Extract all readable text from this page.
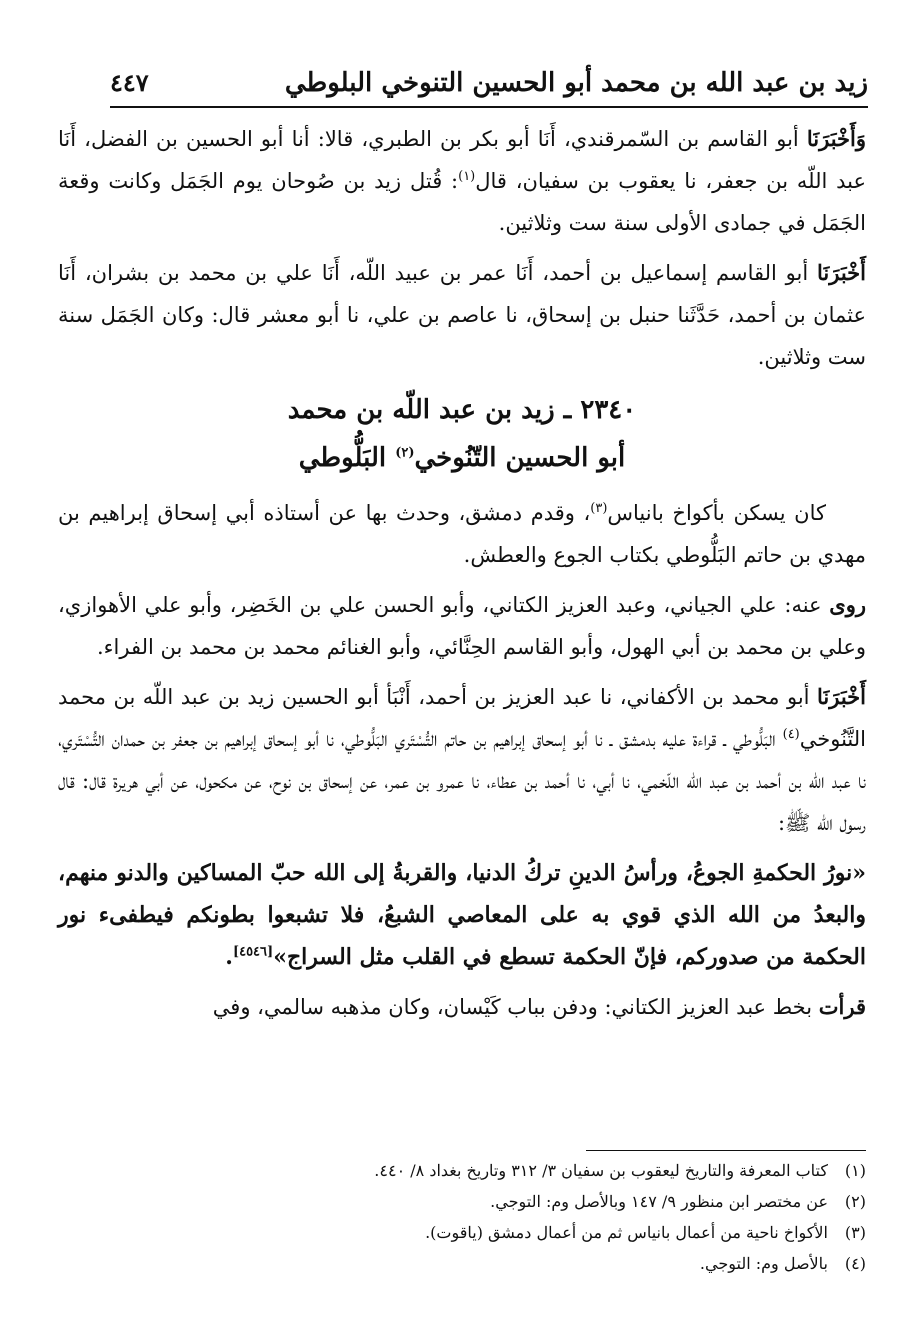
زيد بن عبد الله بن محمد أبو الحسين التنوخي البلوطي
٤٤٧

وَأَخْبَرَنَا أبو القاسم بن السّمرقندي، أَنَا أبو بكر بن الطبري، قالا: أنا أبو الحسين بن الفضل، أَنَا عبد اللّه بن جعفر، نا يعقوب بن سفيان، قال$^{(١)}$: قُتل زيد بن صُوحان يوم الجَمَل وكانت وقعة الجَمَل في جمادى الأولى سنة ست وثلاثين.

أَخْبَرَنَا أبو القاسم إسماعيل بن أحمد، أَنَا عمر بن عبيد اللّه، أَنَا علي بن محمد بن بشران، أَنَا عثمان بن أحمد، حَدَّثَنا حنبل بن إسحاق، نا عاصم بن علي، نا أبو معشر قال: وكان الجَمَل سنة ست وثلاثين.

٢٣٤٠ ـ زيد بن عبد اللّه بن محمد
أبو الحسين التّنُوخي$^{(٢)}$ البَلُّوطي

كان يسكن بأكواخ بانياس$^{(٣)}$، وقدم دمشق، وحدث بها عن أستاذه أبي إسحاق إبراهيم بن مهدي بن حاتم البَلُّوطي بكتاب الجوع والعطش.

روى عنه: علي الجياني، وعبد العزيز الكتاني، وأبو الحسن علي بن الخَضِر، وأبو علي الأهوازي، وعلي بن محمد بن أبي الهول، وأبو القاسم الحِنَّائي، وأبو الغنائم محمد بن محمد بن الفراء.

أَخْبَرَنَا أبو محمد بن الأكفاني، نا عبد العزيز بن أحمد، أَنْبَأ أبو الحسين زيد بن عبد اللّه بن محمد التَّنُوخي$^{(٤)}$ البَلُّوطي ـ قراءة عليه بدمشق ـ نا أبو إسحاق إبراهيم بن حاتم التُّسْتَري البَلُّوطي، نا أبو إسحاق إبراهيم بن جعفر بن حمدان التُّسْتَري، نا عبد اللّه بن أحمد بن عبد اللّه اللّخمي، نا أبي، نا أحمد بن عطاء، نا عمرو بن عمر، عن إسحاق بن نوح، عن مكحول، عن أبي هريرة قال: قال رسول اللّه ﷺ:

«نورُ الحكمةِ الجوعُ، ورأسُ الدينِ تركُ الدنيا، والقربةُ إلى الله حبّ المساكين والدنو منهم، والبعدُ من الله الذي قوي به على المعاصي الشبعُ، فلا تشبعوا بطونكم فيطفىء نور الحكمة من صدوركم، فإنّ الحكمة تسطع في القلب مثل السراج»[٤٥٤٦].

قرأت بخط عبد العزيز الكتاني: ودفن بباب كَيْسان، وكان مذهبه سالمي، وفي

(١)كتاب المعرفة والتاريخ ليعقوب بن سفيان ٣/ ٣١٢ وتاريخ بغداد ٨/ ٤٤٠.

(٢)عن مختصر ابن منظور ٩/ ١٤٧ وبالأصل وم: التوجي.

(٣)الأكواخ ناحية من أعمال بانياس ثم من أعمال دمشق (ياقوت).

(٤)بالأصل وم: التوجي.
